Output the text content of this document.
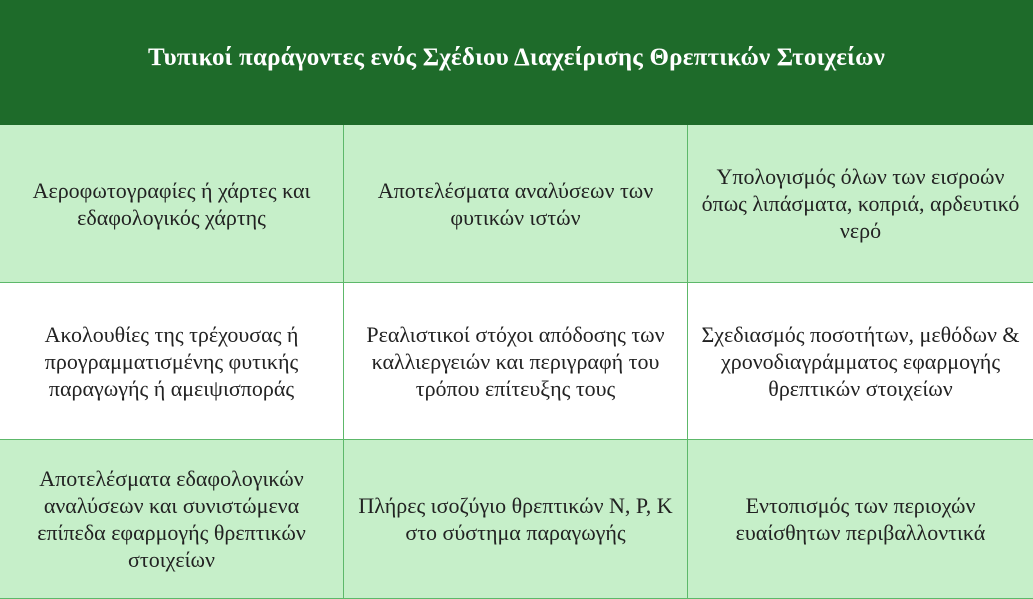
Τυπικοί παράγοντες ενός Σχέδιου Διαχείρισης Θρεπτικών Στοιχείων
Αεροφωτογραφίες ή χάρτες και εδαφολογικός χάρτης
Αποτελέσματα αναλύσεων των φυτικών ιστών
Υπολογισμός όλων των εισροών όπως λιπάσματα, κοπριά, αρδευτικό νερό
Ακολουθίες της τρέχουσας ή προγραμματισμένης φυτικής παραγωγής ή αμειψισποράς
Ρεαλιστικοί στόχοι απόδοσης των καλλιεργειών και περιγραφή του τρόπου επίτευξης τους
Σχεδιασμός ποσοτήτων, μεθόδων & χρονοδιαγράμματος εφαρμογής θρεπτικών στοιχείων
Αποτελέσματα εδαφολογικών αναλύσεων και συνιστώμενα επίπεδα εφαρμογής θρεπτικών στοιχείων
Πλήρες ισοζύγιο θρεπτικών N, P, K στο σύστημα παραγωγής
Εντοπισμός των περιοχών ευαίσθητων περιβαλλοντικά
